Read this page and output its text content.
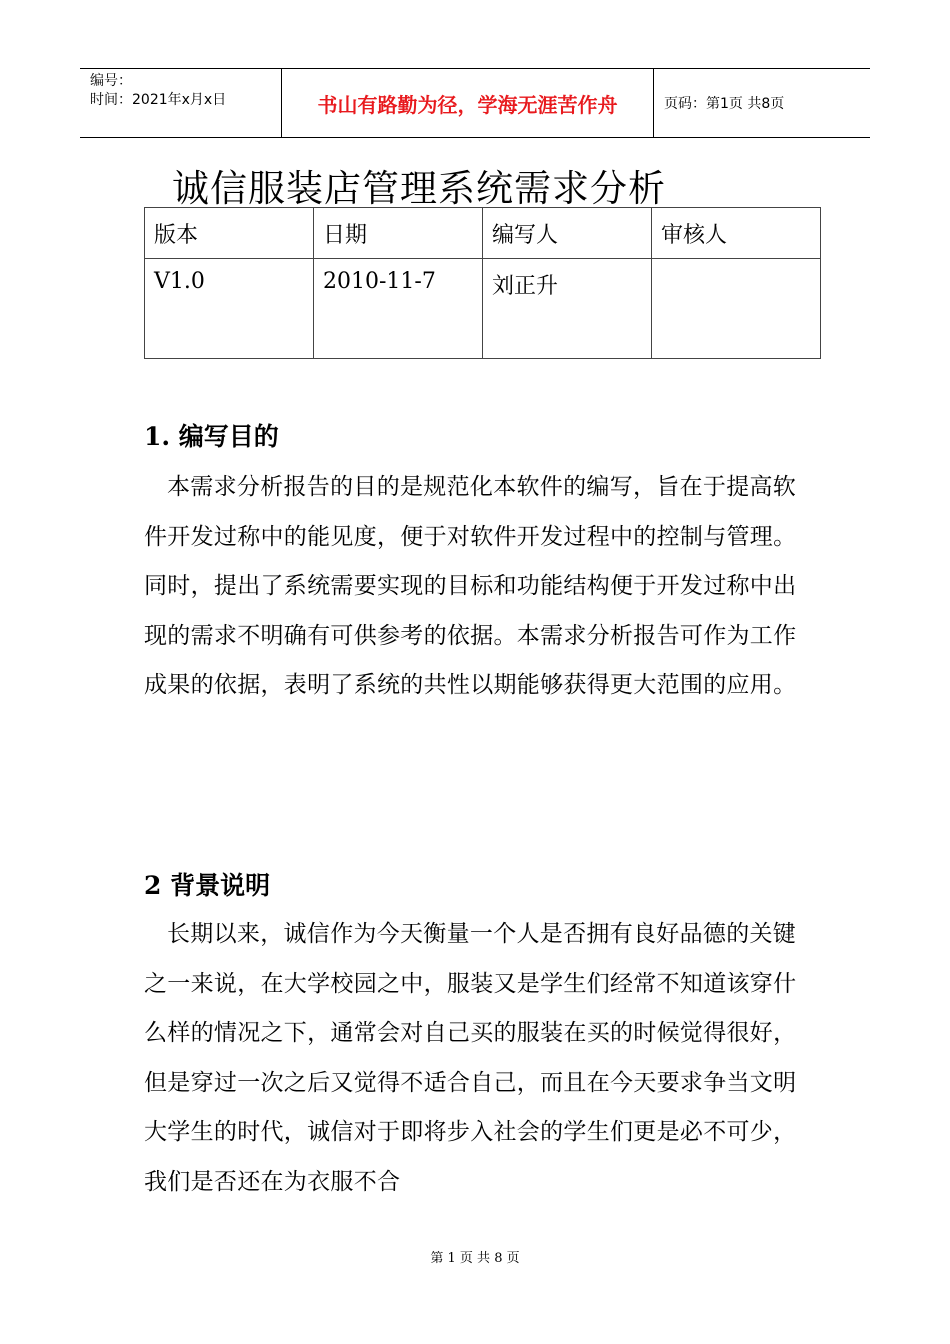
编号：
时间：2021年x月x日	书山有路勤为径，学海无涯苦作舟	页码：第1页 共8页
诚信服装店管理系统需求分析
版本	日期	编写人	审核人
V1.0	2010-11-7	刘正升	
1. 编写目的
本需求分析报告的目的是规范化本软件的编写，旨在于提高软件开发过称中的能见度，便于对软件开发过程中的控制与管理。同时，提出了系统需要实现的目标和功能结构便于开发过称中出现的需求不明确有可供参考的依据。本需求分析报告可作为工作成果的依据，表明了系统的共性以期能够获得更大范围的应用。
2 背景说明
长期以来，诚信作为今天衡量一个人是否拥有良好品德的关键之一来说，在大学校园之中，服装又是学生们经常不知道该穿什么样的情况之下，通常会对自己买的服装在买的时候觉得很好，但是穿过一次之后又觉得不适合自己，而且在今天要求争当文明大学生的时代，诚信对于即将步入社会的学生们更是必不可少，我们是否还在为衣服不合
第 1 页 共 8 页
